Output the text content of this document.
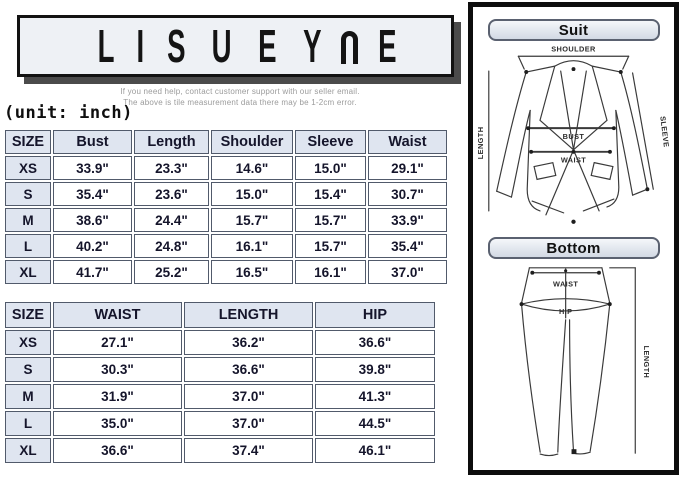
L I S U E Y E
If you need help, contact customer support with our seller email.
The above is tile measurement data there may be 1-2cm error.
(unit: inch)
SIZE	Bust	Length	Shoulder	Sleeve	Waist
XS	33.9"	23.3"	14.6"	15.0"	29.1"
S	35.4"	23.6"	15.0"	15.4"	30.7"
M	38.6"	24.4"	15.7"	15.7"	33.9"
L	40.2"	24.8"	16.1"	15.7"	35.4"
XL	41.7"	25.2"	16.5"	16.1"	37.0"
SIZE	WAIST	LENGTH	HIP
XS	27.1"	36.2"	36.6"
S	30.3"	36.6"	39.8"
M	31.9"	37.0"	41.3"
L	35.0"	37.0"	44.5"
XL	36.6"	37.4"	46.1"
Suit
SHOULDER
BUST
WAIST
LENGTH	SLEEVE
Bottom
WAIST
HIP
LENGTH
